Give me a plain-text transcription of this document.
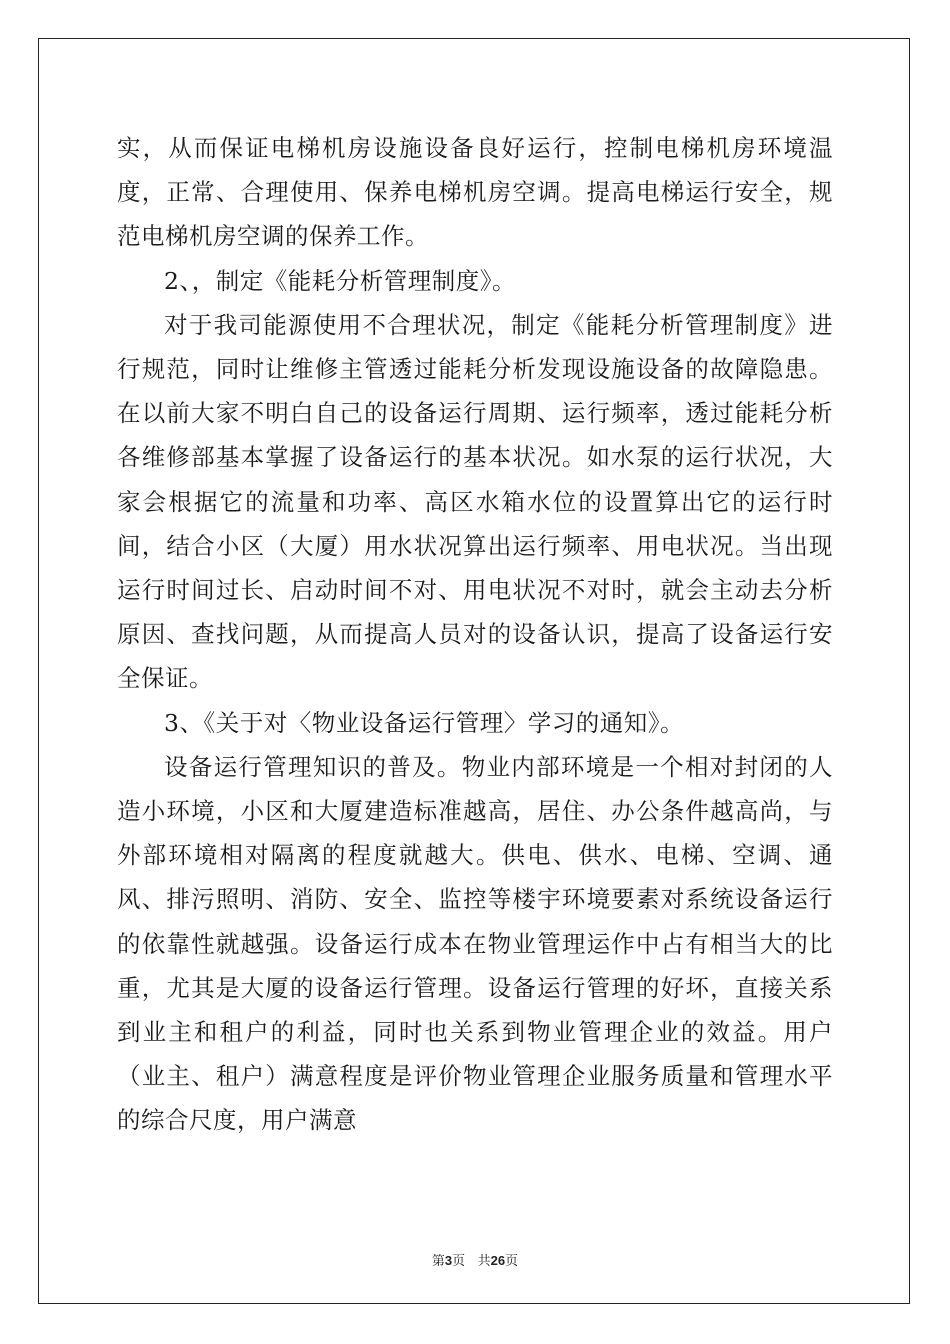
实，从而保证电梯机房设施设备良好运行，控制电梯机房环境温度，正常、合理使用、保养电梯机房空调。提高电梯运行安全，规范电梯机房空调的保养工作。

2、，制定《能耗分析管理制度》。

对于我司能源使用不合理状况，制定《能耗分析管理制度》进行规范，同时让维修主管透过能耗分析发现设施设备的故障隐患。在以前大家不明白自己的设备运行周期、运行频率，透过能耗分析各维修部基本掌握了设备运行的基本状况。如水泵的运行状况，大家会根据它的流量和功率、高区水箱水位的设置算出它的运行时间，结合小区（大厦）用水状况算出运行频率、用电状况。当出现运行时间过长、启动时间不对、用电状况不对时，就会主动去分析原因、查找问题，从而提高人员对的设备认识，提高了设备运行安全保证。

3、《关于对〈物业设备运行管理〉学习的通知》。

设备运行管理知识的普及。物业内部环境是一个相对封闭的人造小环境，小区和大厦建造标准越高，居住、办公条件越高尚，与外部环境相对隔离的程度就越大。供电、供水、电梯、空调、通风、排污照明、消防、安全、监控等楼宇环境要素对系统设备运行的依靠性就越强。设备运行成本在物业管理运作中占有相当大的比重，尤其是大厦的设备运行管理。设备运行管理的好坏，直接关系到业主和租户的利益，同时也关系到物业管理企业的效益。用户（业主、租户）满意程度是评价物业管理企业服务质量和管理水平的综合尺度，用户满意

第3页 共26页
